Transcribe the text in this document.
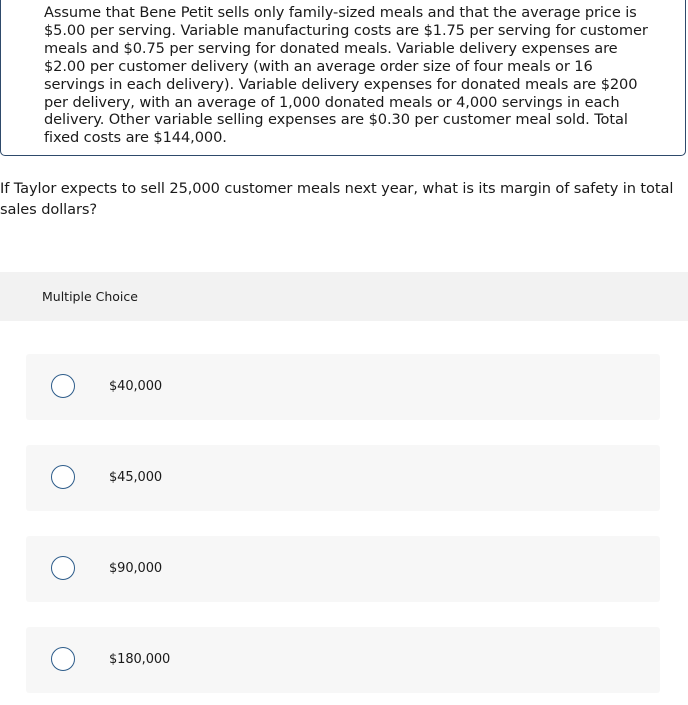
Assume that Bene Petit sells only family-sized meals and that the average price is $5.00 per serving. Variable manufacturing costs are $1.75 per serving for customer meals and $0.75 per serving for donated meals. Variable delivery expenses are $2.00 per customer delivery (with an average order size of four meals or 16 servings in each delivery). Variable delivery expenses for donated meals are $200 per delivery, with an average of 1,000 donated meals or 4,000 servings in each delivery. Other variable selling expenses are $0.30 per customer meal sold. Total fixed costs are $144,000.

If Taylor expects to sell 25,000 customer meals next year, what is its margin of safety in total sales dollars?

Multiple Choice
$40,000
$45,000
$90,000
$180,000
